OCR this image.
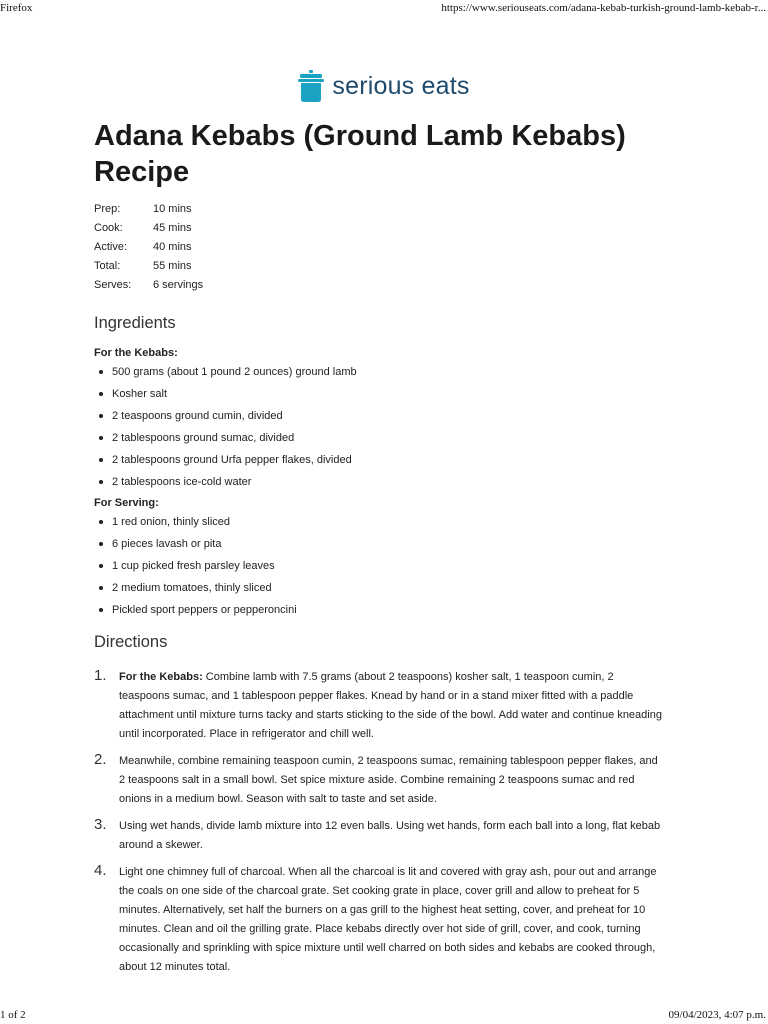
Firefox	https://www.seriouseats.com/adana-kebab-turkish-ground-lamb-kebab-r...
serious eats
Adana Kebabs (Ground Lamb Kebabs) Recipe
Prep:	10 mins
Cook:	45 mins
Active:	40 mins
Total:	55 mins
Serves:	6 servings
Ingredients
For the Kebabs:
500 grams (about 1 pound 2 ounces) ground lamb
Kosher salt
2 teaspoons ground cumin, divided
2 tablespoons ground sumac, divided
2 tablespoons ground Urfa pepper flakes, divided
2 tablespoons ice-cold water
For Serving:
1 red onion, thinly sliced
6 pieces lavash or pita
1 cup picked fresh parsley leaves
2 medium tomatoes, thinly sliced
Pickled sport peppers or pepperoncini
Directions
1. For the Kebabs: Combine lamb with 7.5 grams (about 2 teaspoons) kosher salt, 1 teaspoon cumin, 2 teaspoons sumac, and 1 tablespoon pepper flakes. Knead by hand or in a stand mixer fitted with a paddle attachment until mixture turns tacky and starts sticking to the side of the bowl. Add water and continue kneading until incorporated. Place in refrigerator and chill well.
2. Meanwhile, combine remaining teaspoon cumin, 2 teaspoons sumac, remaining tablespoon pepper flakes, and 2 teaspoons salt in a small bowl. Set spice mixture aside. Combine remaining 2 teaspoons sumac and red onions in a medium bowl. Season with salt to taste and set aside.
3. Using wet hands, divide lamb mixture into 12 even balls. Using wet hands, form each ball into a long, flat kebab around a skewer.
4. Light one chimney full of charcoal. When all the charcoal is lit and covered with gray ash, pour out and arrange the coals on one side of the charcoal grate. Set cooking grate in place, cover grill and allow to preheat for 5 minutes. Alternatively, set half the burners on a gas grill to the highest heat setting, cover, and preheat for 10 minutes. Clean and oil the grilling grate. Place kebabs directly over hot side of grill, cover, and cook, turning occasionally and sprinkling with spice mixture until well charred on both sides and kebabs are cooked through, about 12 minutes total.
1 of 2	09/04/2023, 4:07 p.m.
